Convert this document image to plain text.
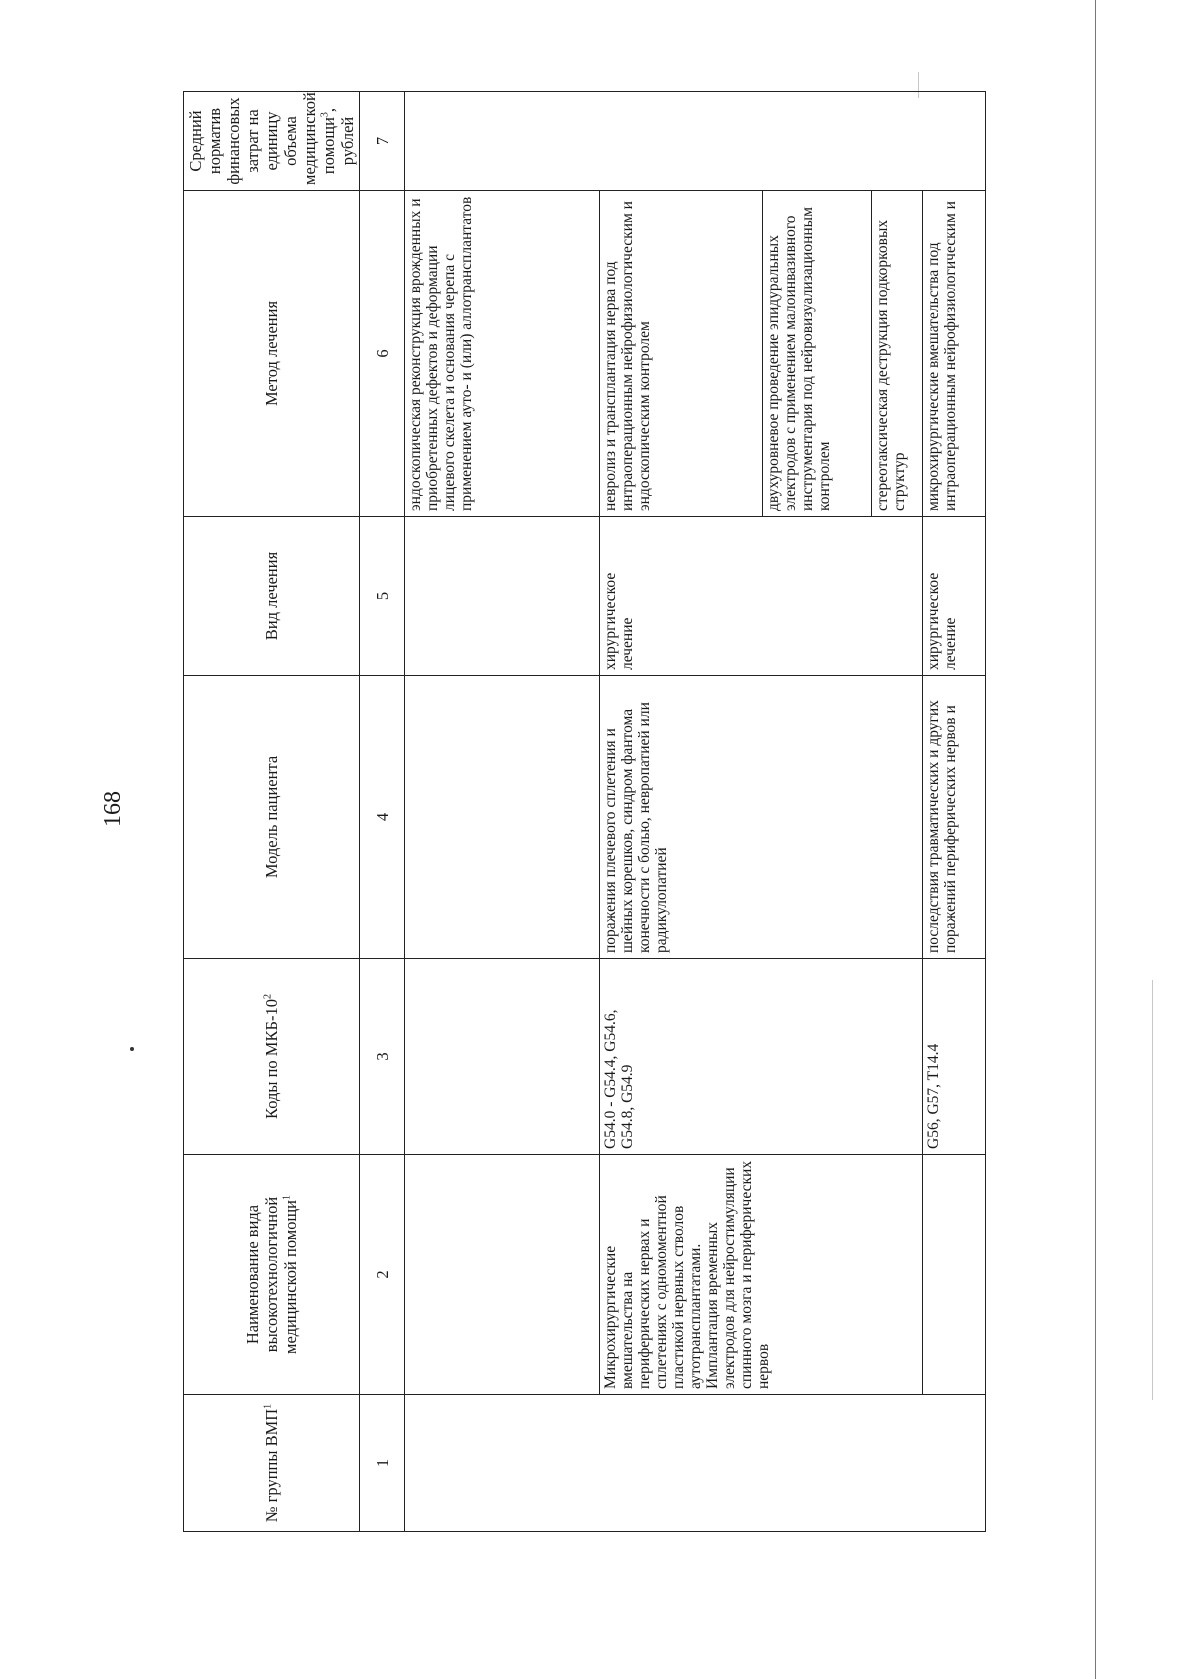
168
№ группы ВМП$^1$	Наименование вида высокотехнологичной медицинской помощи$^1$	Коды по МКБ-$10^2$	Модель пациента	Вид лечения	Метод лечения	Средний норматив финансовых затрат на единицу объема медицинской помощи$^3$, рублей
1	2	3	4	5	6	7
					эндоскопическая реконструкция врожденных и приобретенных дефектов и деформации лицевого скелета и основания черепа с применением ауто- и (или) аллотрансплантатов	
	Микрохирургические вмешательства на периферических нервах и сплетениях с одномоментной пластикой нервных стволов аутотрансплантатами. Имплантация временных электродов для нейростимуляции спинного мозга и периферических нервов	G54.0 - G54.4, G54.6, G54.8, G54.9	поражения плечевого сплетения и шейных корешков, синдром фантома конечности с болью, невропатией или радикулопатией	хирургическое лечение	невролиз и трансплантация нерва под интраоперационным нейрофизиологическим и эндоскопическим контролем	
					двухуровневое проведение эпидуральных электродов с применением малоинвазивного инструментария под нейровизуализационным контролем	
					стереотаксическая деструкция подкорковых структур	
		G56, G57, T14.4	последствия травматических и других поражений периферических нервов и	хирургическое лечение	микрохирургические вмешательства под интраоперационным нейрофизиологическим и	
